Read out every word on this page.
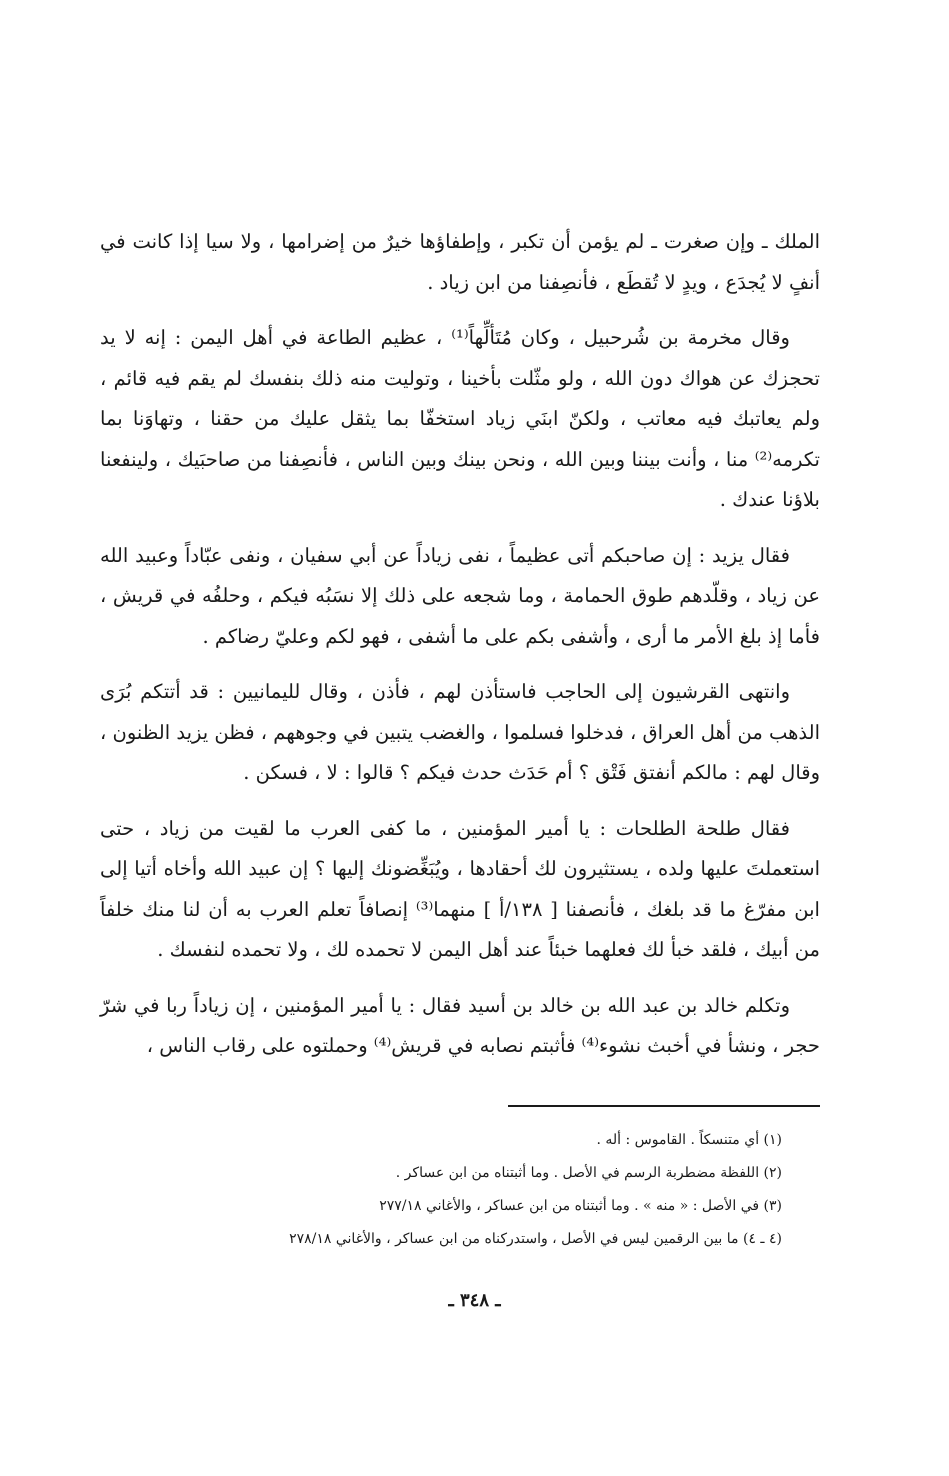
الملك ـ وإن صغرت ـ لم يؤمن أن تكبر ، وإطفاؤها خيرٌ من إضرامها ، ولا سيا إذا كانت في أنفٍ لا يُجدَع ، ويدٍ لا تُقطَع ، فأنصِفنا من ابن زياد .

وقال مخرمة بن شُرحبيل ، وكان مُتَألِّهاً⁽¹⁾ ، عظيم الطاعة في أهل اليمن : إنه لا يد تحجزك عن هواك دون الله ، ولو مثّلت بأخينا ، وتوليت منه ذلك بنفسك لم يقم فيه قائم ، ولم يعاتبك فيه معاتب ، ولكنّ ابنَي زياد استخفّا بما يثقل عليك من حقنا ، وتهاوَنا بما تكرمه⁽²⁾ منا ، وأنت بيننا وبين الله ، ونحن بينك وبين الناس ، فأنصِفنا من صاحبَيك ، ولينفعنا بلاؤنا عندك .

فقال يزيد : إن صاحبكم أتى عظيماً ، نفى زياداً عن أبي سفيان ، ونفى عبّاداً وعبيد الله عن زياد ، وقلّدهم طوق الحمامة ، وما شجعه على ذلك إلا نسَبُه فيكم ، وحلفُه في قريش ، فأما إذ بلغ الأمر ما أرى ، وأشفى بكم على ما أشفى ، فهو لكم وعليّ رضاكم .

وانتهى القرشيون إلى الحاجب فاستأذن لهم ، فأذن ، وقال لليمانيين : قد أتتكم بُرَى الذهب من أهل العراق ، فدخلوا فسلموا ، والغضب يتبين في وجوههم ، فظن يزيد الظنون ، وقال لهم : مالكم أنفتق فَتْق ؟ أم حَدَث حدث فيكم ؟ قالوا : لا ، فسكن .

فقال طلحة الطلحات : يا أمير المؤمنين ، ما كفى العرب ما لقيت من زياد ، حتى استعملتَ عليها ولده ، يستثيرون لك أحقادها ، ويُبَغِّضونك إليها ؟ إن عبيد الله وأخاه أتيا إلى ابن مفرّغ ما قد بلغك ، فأنصفنا [ ١٣٨/أ ] منهما⁽³⁾ إنصافاً تعلم العرب به أن لنا منك خلفاً من أبيك ، فلقد خبأ لك فعلهما خبئاً عند أهل اليمن لا تحمده لك ، ولا تحمده لنفسك .

وتكلم خالد بن عبد الله بن خالد بن أسيد فقال : يا أمير المؤمنين ، إن زياداً ربا في شرّ حجر ، ونشأ في أخبث نشوء⁽⁴⁾ فأثبتم نصابه في قريش⁽⁴⁾ وحملتوه على رقاب الناس ،

(١) أي متنسكاً . القاموس : أله .

(٢) اللفظة مضطربة الرسم في الأصل . وما أثبتناه من ابن عساكر .

(٣) في الأصل : « منه » . وما أثبتناه من ابن عساكر ، والأغاني ٢٧٧/١٨

(٤ ـ ٤) ما بين الرقمين ليس في الأصل ، واستدركناه من ابن عساكر ، والأغاني ٢٧٨/١٨

ـ ٣٤٨ ـ
